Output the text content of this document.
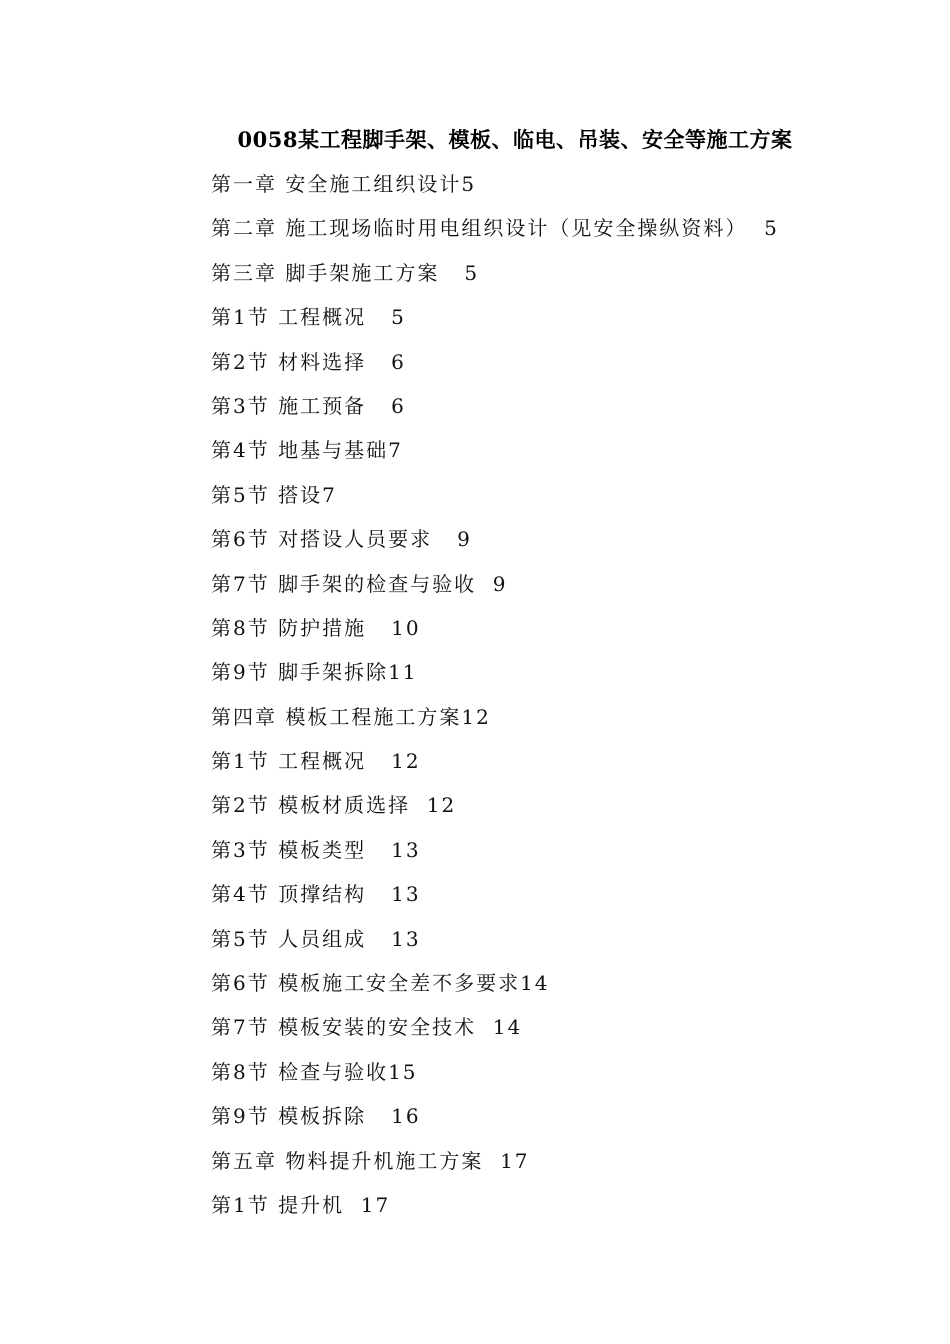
0058某工程脚手架、模板、临电、吊装、安全等施工方案
第一章 安全施工组织设计5
第二章 施工现场临时用电组织设计（见安全操纵资料）  5
第三章 脚手架施工方案   5
第1节 工程概况   5
第2节 材料选择   6
第3节 施工预备   6
第4节 地基与基础7
第5节 搭设7
第6节 对搭设人员要求   9
第7节 脚手架的检查与验收  9
第8节 防护措施   10
第9节 脚手架拆除11
第四章 模板工程施工方案12
第1节 工程概况   12
第2节 模板材质选择  12
第3节 模板类型   13
第4节 顶撑结构   13
第5节 人员组成   13
第6节 模板施工安全差不多要求14
第7节 模板安装的安全技术  14
第8节 检查与验收15
第9节 模板拆除   16
第五章 物料提升机施工方案  17
第1节 提升机  17
